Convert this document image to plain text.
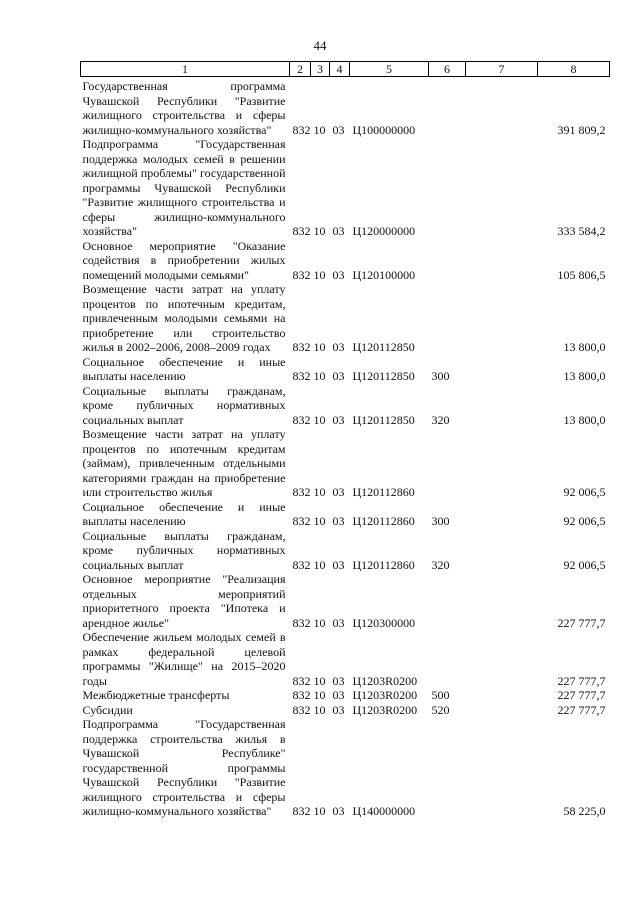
44
1	2	3	4	5	6	7	8
Государственная программа Чувашской Республики "Развитие жилищного строительства и сферы жилищно-коммунального хозяйства"	832	10	03	Ц100000000			391 809,2
Подпрограмма "Государственная поддержка молодых семей в решении жилищной проблемы" государственной программы Чувашской Республики "Развитие жилищного строительства и сферы жилищно-коммунального хозяйства"	832	10	03	Ц120000000			333 584,2
Основное мероприятие "Оказание содействия в приобретении жилых помещений молодыми семьями"	832	10	03	Ц120100000			105 806,5
Возмещение части затрат на уплату процентов по ипотечным кредитам, привлеченным молодыми семьями на приобретение или строительство жилья в 2002–2006, 2008–2009 годах	832	10	03	Ц120112850			13 800,0
Социальное обеспечение и иные выплаты населению	832	10	03	Ц120112850	300		13 800,0
Социальные выплаты гражданам, кроме публичных нормативных социальных выплат	832	10	03	Ц120112850	320		13 800,0
Возмещение части затрат на уплату процентов по ипотечным кредитам (займам), привлеченным отдельными категориями граждан на приобретение или строительство жилья	832	10	03	Ц120112860			92 006,5
Социальное обеспечение и иные выплаты населению	832	10	03	Ц120112860	300		92 006,5
Социальные выплаты гражданам, кроме публичных нормативных социальных выплат	832	10	03	Ц120112860	320		92 006,5
Основное мероприятие "Реализация отдельных мероприятий приоритетного проекта "Ипотека и арендное жилье"	832	10	03	Ц120300000			227 777,7
Обеспечение жильем молодых семей в рамках федеральной целевой программы "Жилище" на 2015–2020 годы	832	10	03	Ц1203R0200			227 777,7
Межбюджетные трансферты	832	10	03	Ц1203R0200	500		227 777,7
Субсидии	832	10	03	Ц1203R0200	520		227 777,7
Подпрограмма "Государственная поддержка строительства жилья в Чувашской Республике" государственной программы Чувашской Республики "Развитие жилищного строительства и сферы жилищно-коммунального хозяйства"	832	10	03	Ц140000000			58 225,0
